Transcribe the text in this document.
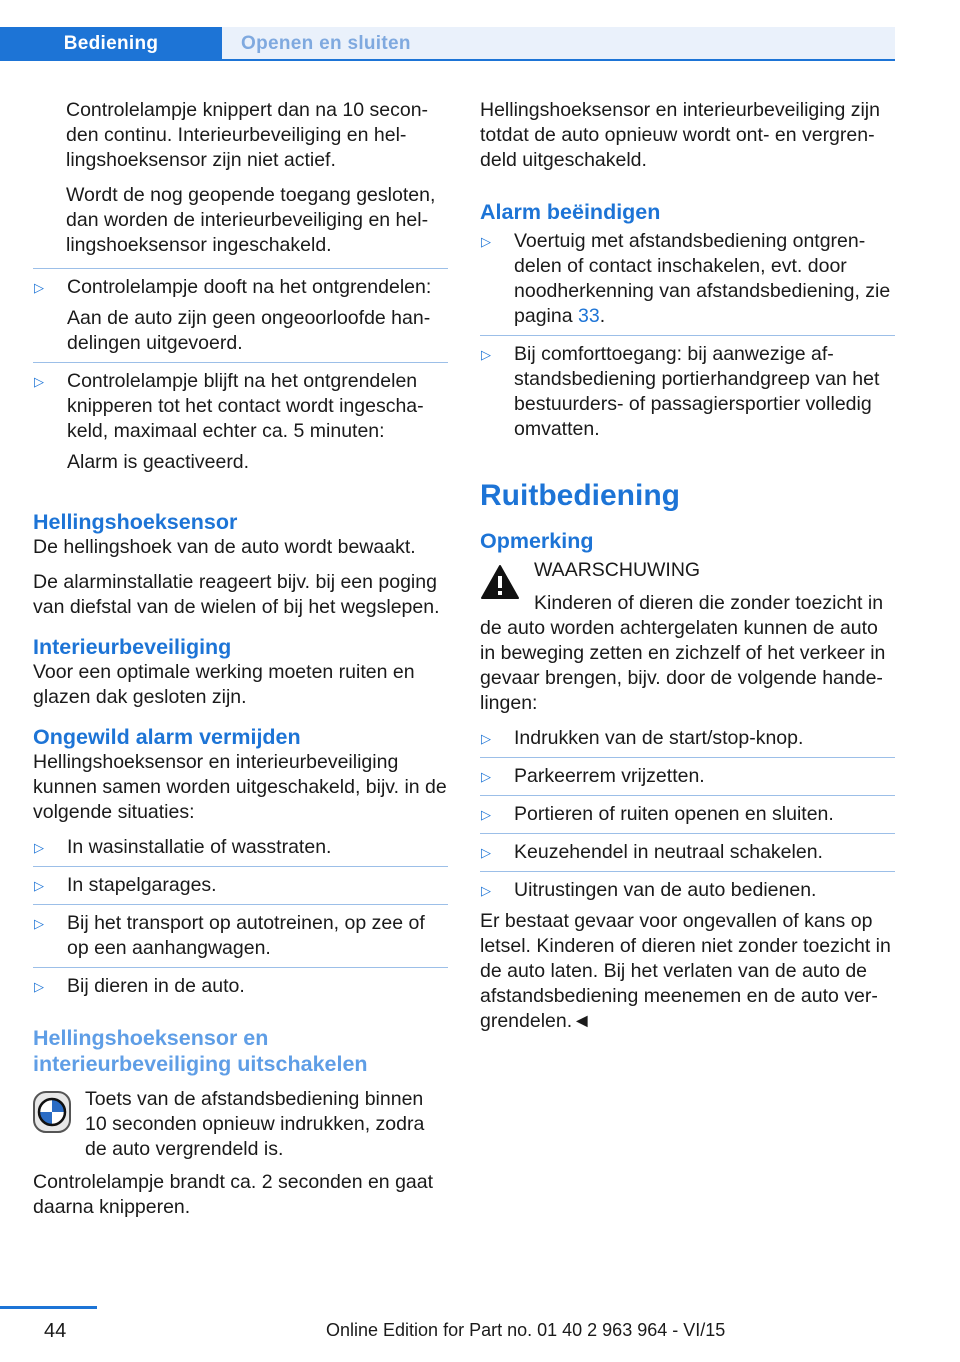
Bediening	Openen en sluiten

Controlelampje knippert dan na 10 secon-den continu. Interieurbeveiliging en hel-lingshoeksensor zijn niet actief.

Wordt de nog geopende toegang gesloten, dan worden de interieurbeveiliging en hel-lingshoeksensor ingeschakeld.

▷	Controlelampje dooft na het ontgrendelen:

Aan de auto zijn geen ongeoorloofde han-delingen uitgevoerd.

▷	Controlelampje blijft na het ontgrendelen knipperen tot het contact wordt ingescha-keld, maximaal echter ca. 5 minuten:

Alarm is geactiveerd.

Hellingshoeksensor

De hellingshoek van de auto wordt bewaakt.

De alarminstallatie reageert bijv. bij een poging van diefstal van de wielen of bij het wegslepen.

Interieurbeveiliging

Voor een optimale werking moeten ruiten en glazen dak gesloten zijn.

Ongewild alarm vermijden

Hellingshoeksensor en interieurbeveiliging kunnen samen worden uitgeschakeld, bijv. in de volgende situaties:

▷	In wasinstallatie of wasstraten.

▷	In stapelgarages.

▷	Bij het transport op autotreinen, op zee of op een aanhangwagen.

▷	Bij dieren in de auto.

Hellingshoeksensor en interieurbeveiliging uitschakelen

Toets van de afstandsbediening binnen 10 seconden opnieuw indrukken, zodra de auto vergrendeld is.

Controlelampje brandt ca. 2 seconden en gaat daarna knipperen.

Hellingshoeksensor en interieurbeveiliging zijn totdat de auto opnieuw wordt ont- en vergren-deld uitgeschakeld.

Alarm beëindigen
▷	Voertuig met afstandsbediening ontgren-delen of contact inschakelen, evt. door noodherkenning van afstandsbediening, zie pagina 33.

▷	Bij comforttoegang: bij aanwezige af-standsbediening portierhandgreep van het bestuurders- of passagiersportier volledig omvatten.

Ruitbediening
Opmerking

WAARSCHUWING

Kinderen of dieren die zonder toezicht in de auto worden achtergelaten kunnen de auto in beweging zetten en zichzelf of het verkeer in gevaar brengen, bijv. door de volgende hande-lingen:

▷	Indrukken van de start/stop-knop.

▷	Parkeerrem vrijzetten.

▷	Portieren of ruiten openen en sluiten.

▷	Keuzehendel in neutraal schakelen.

▷	Uitrustingen van de auto bedienen.

Er bestaat gevaar voor ongevallen of kans op letsel. Kinderen of dieren niet zonder toezicht in de auto laten. Bij het verlaten van de auto de afstandsbediening meenemen en de auto ver-grendelen.◄

44	Online Edition for Part no. 01 40 2 963 964 - VI/15
